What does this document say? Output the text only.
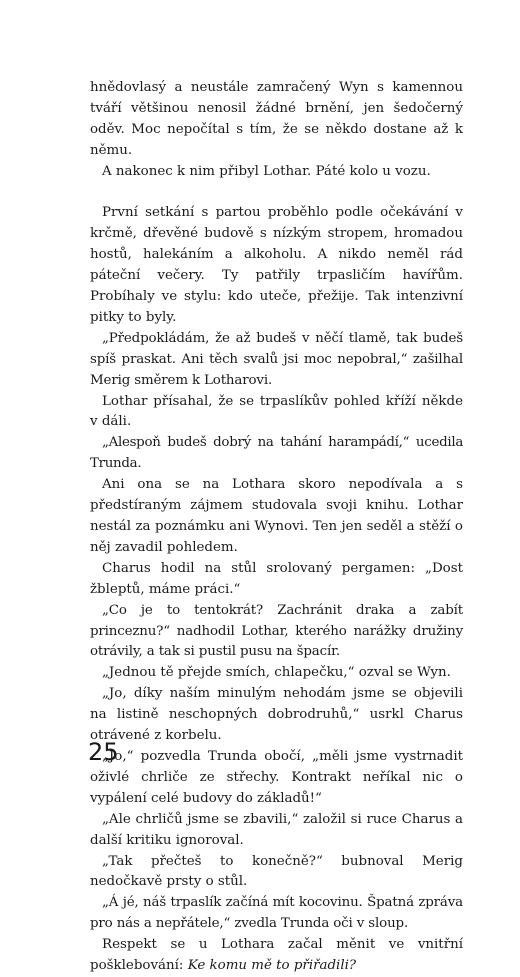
hnědovlasý a neustále zamračený Wyn s kamennou tváří většinou nenosil žádné brnění, jen šedočerný oděv. Moc nepočítal s tím, že se někdo dostane až k němu.

A nakonec k nim přibyl Lothar. Páté kolo u vozu.

První setkání s partou proběhlo podle očekávání v krčmě, dřevěné budově s nízkým stropem, hromadou hostů, halekáním a alkoholu. A nikdo neměl rád páteční večery. Ty patřily trpasličím havířům. Probíhaly ve stylu: kdo uteče, přežije. Tak intenzivní pitky to byly.

„Předpokládám, že až budeš v něčí tlamě, tak budeš spíš praskat. Ani těch svalů jsi moc nepobral,“ zašilhal Merig směrem k Lotharovi.

Lothar přísahal, že se trpaslíkův pohled kříží někde v dáli.

„Alespoň budeš dobrý na tahání harampádí,“ ucedila Trunda.

Ani ona se na Lothara skoro nepodívala a s předstíraným zájmem studovala svoji knihu. Lothar nestál za poznámku ani Wynovi. Ten jen seděl a stěží o něj zavadil pohledem.

Charus hodil na stůl srolovaný pergamen: „Dost žbleptů, máme práci.“

„Co je to tentokrát? Zachránit draka a zabít princeznu?“ nadhodil Lothar, kterého narážky družiny otrávily, a tak si pustil pusu na špacír.

„Jednou tě přejde smích, chlapečku,“ ozval se Wyn.

„Jo, díky naším minulým nehodám jsme se objevili na listině neschopných dobrodruhů,“ usrkl Charus otrávené z korbelu.

„Jo,“ pozvedla Trunda obočí, „měli jsme vystrnadit oživlé chrliče ze střechy. Kontrakt neříkal nic o vypálení celé budovy do základů!“

„Ale chrličů jsme se zbavili,“ založil si ruce Charus a další kritiku ignoroval.

„Tak přečteš to konečně?“ bubnoval Merig nedočkavě prsty o stůl.

„Á jé, náš trpaslík začíná mít kocovinu. Špatná zpráva pro nás a nepřátele,“ zvedla Trunda oči v sloup.

Respekt se u Lothara začal měnit ve vnitřní pošklebování: Ke komu mě to přiřadili?

25
